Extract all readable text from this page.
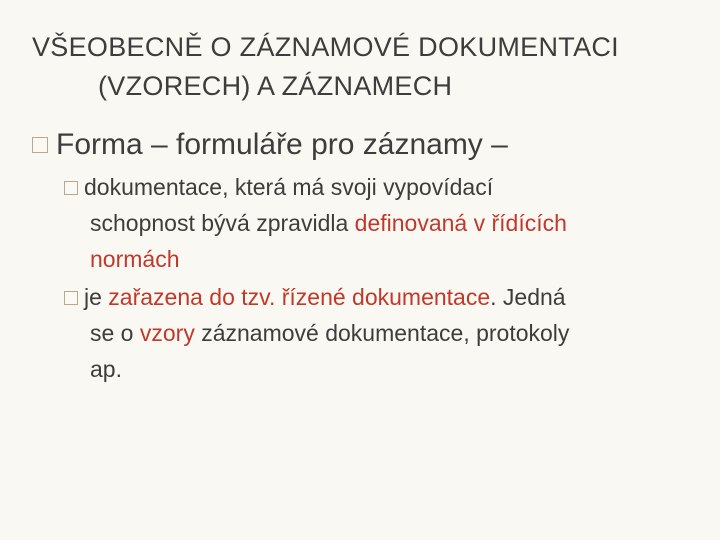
VŠEOBECNĚ O ZÁZNAMOVÉ DOKUMENTACI
(VZORECH) A ZÁZNAMECH
Forma – formuláře pro záznamy –
dokumentace, která má svoji vypovídací
schopnost bývá zpravidla definovaná v řídících
normách
je zařazena do tzv. řízené dokumentace. Jedná
se o vzory záznamové dokumentace, protokoly
ap.
